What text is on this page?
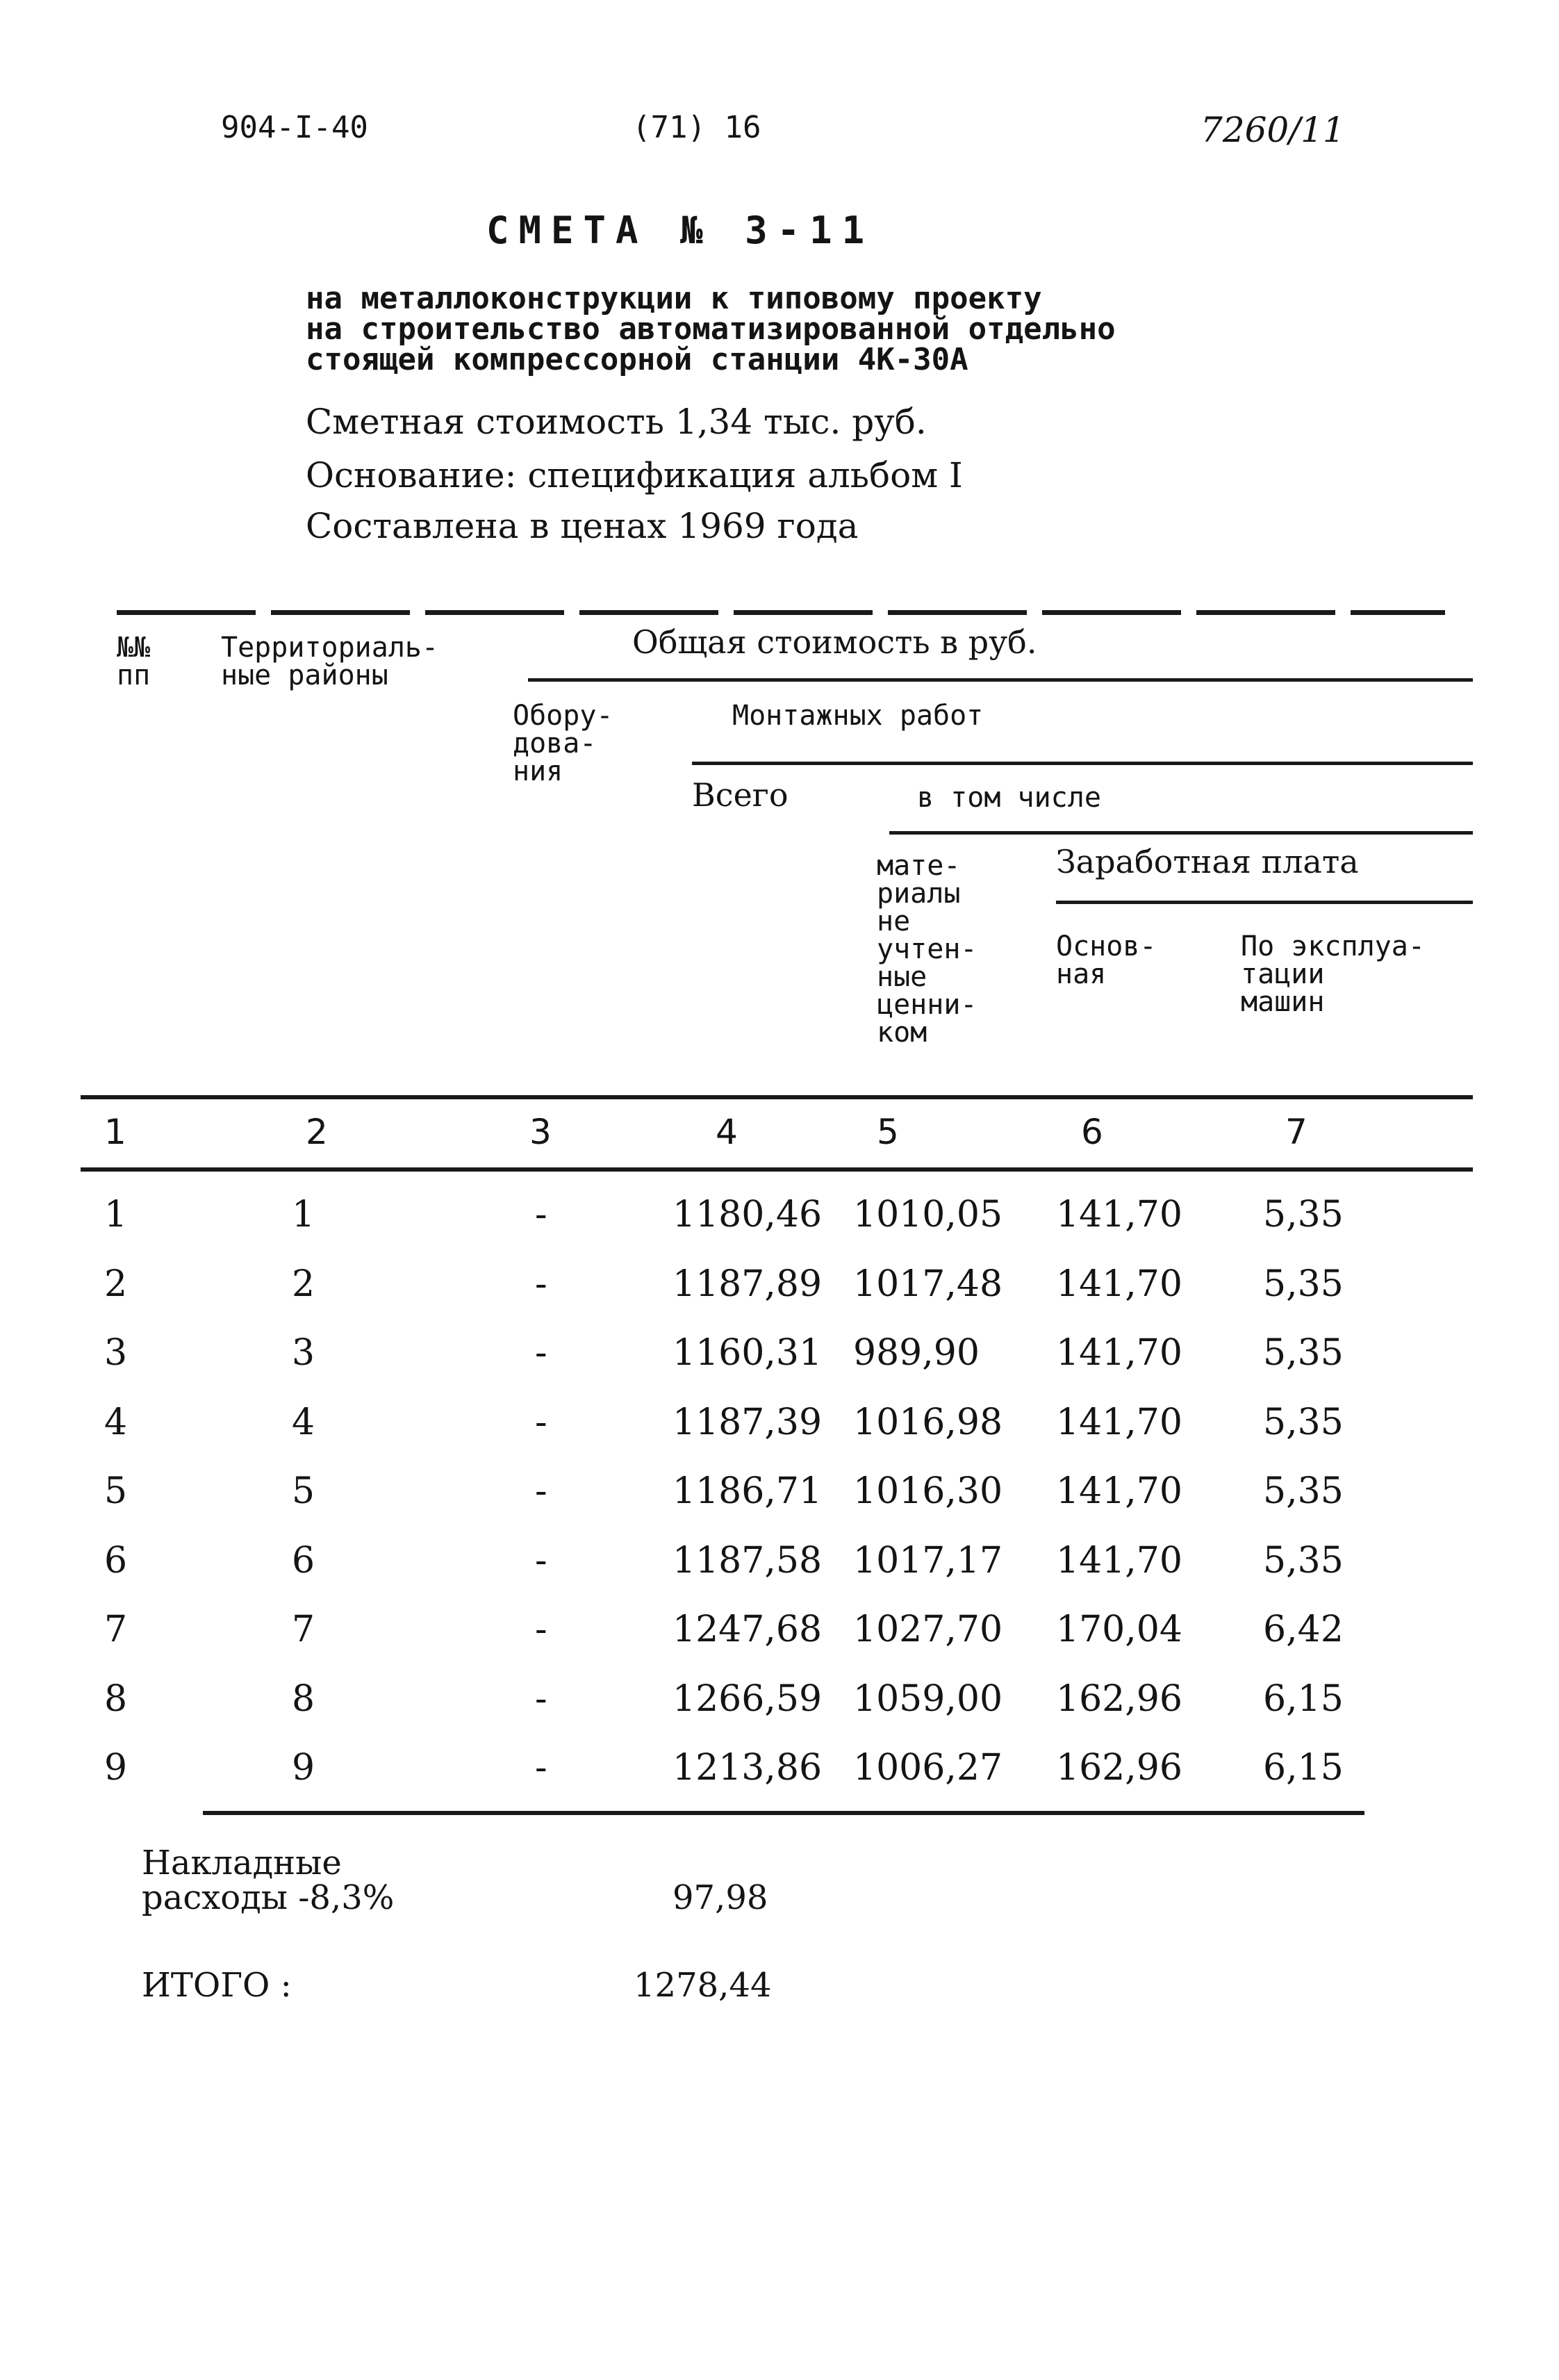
904-I-40	(71) 16	7260/11
СМЕТА № 3-11
на металлоконструкции к типовому проекту
на строительство автоматизированной отдельно
стоящей компрессорной станции 4К-30А
Сметная стоимость 1,34 тыс. руб.
Основание: спецификация альбом I
Составлена в ценах 1969 года
№№
пп
Территориаль-
ные районы
Общая стоимость в руб.
Обору-
дова-
ния
Монтажных работ
Всего	в том числе
мате-
риалы
не
учтен-
ные
ценни-
ком
Заработная плата
Основ-
ная
По эксплуа-
тации
машин
1	2	3	4	5	6	7
1	1	-	1180,46 1010,05 141,70 5,35
2	2	-	1187,89 1017,48 141,70 5,35
3	3	-	1160,31 989,90 141,70 5,35
4	4	-	1187,39 1016,98 141,70 5,35
5	5	-	1186,71 1016,30 141,70 5,35
6	6	-	1187,58 1017,17 141,70 5,35
7	7	-	1247,68 1027,70 170,04 6,42
8	8	-	1266,59 1059,00 162,96 6,15
9	9	-	1213,86 1006,27 162,96 6,15
Накладные
расходы -8,3%	97,98
ИТОГО :	1278,44
